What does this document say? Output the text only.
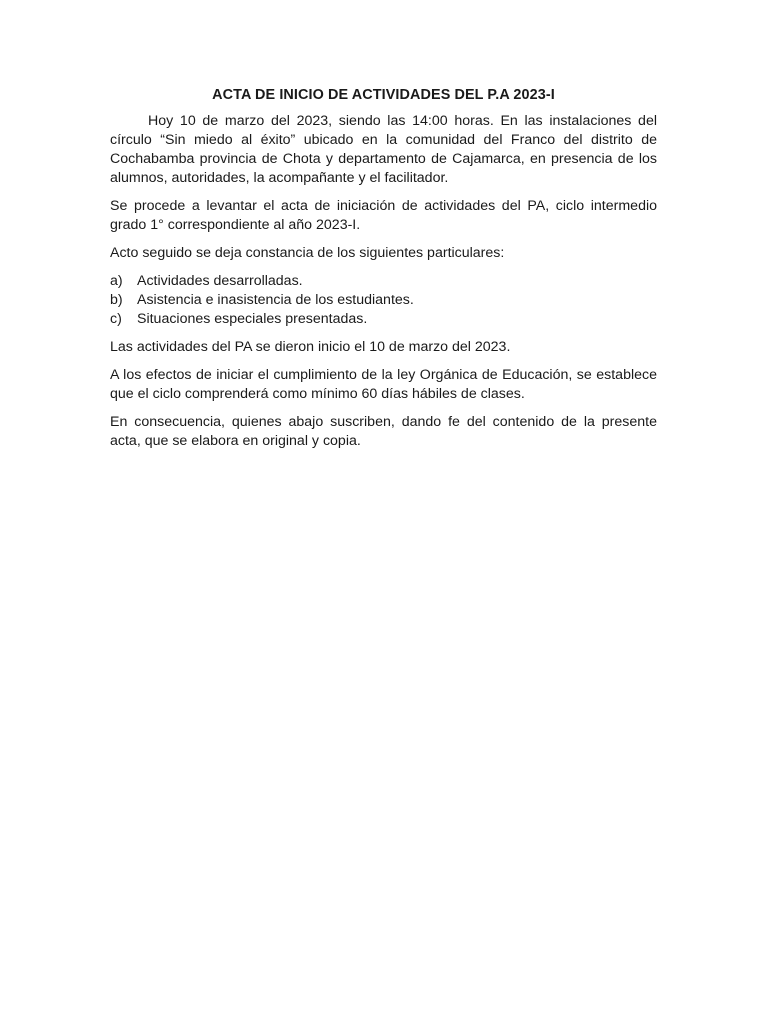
ACTA DE INICIO DE ACTIVIDADES DEL P.A 2023-I

Hoy 10 de marzo del 2023, siendo las 14:00 horas. En las instalaciones del círculo “Sin miedo al éxito” ubicado en la comunidad del Franco del distrito de Cochabamba provincia de Chota y departamento de Cajamarca, en presencia de los alumnos, autoridades, la acompañante y el facilitador.

Se procede a levantar el acta de iniciación de actividades del PA, ciclo intermedio grado 1° correspondiente al año 2023-I.

Acto seguido se deja constancia de los siguientes particulares:

a)	Actividades desarrolladas.
b)	Asistencia e inasistencia de los estudiantes.
c)	Situaciones especiales presentadas.

Las actividades del PA se dieron inicio el 10 de marzo del 2023.

A los efectos de iniciar el cumplimiento de la ley Orgánica de Educación, se establece que el ciclo comprenderá como mínimo 60 días hábiles de clases.

En consecuencia, quienes abajo suscriben, dando fe del contenido de la presente acta, que se elabora en original y copia.
